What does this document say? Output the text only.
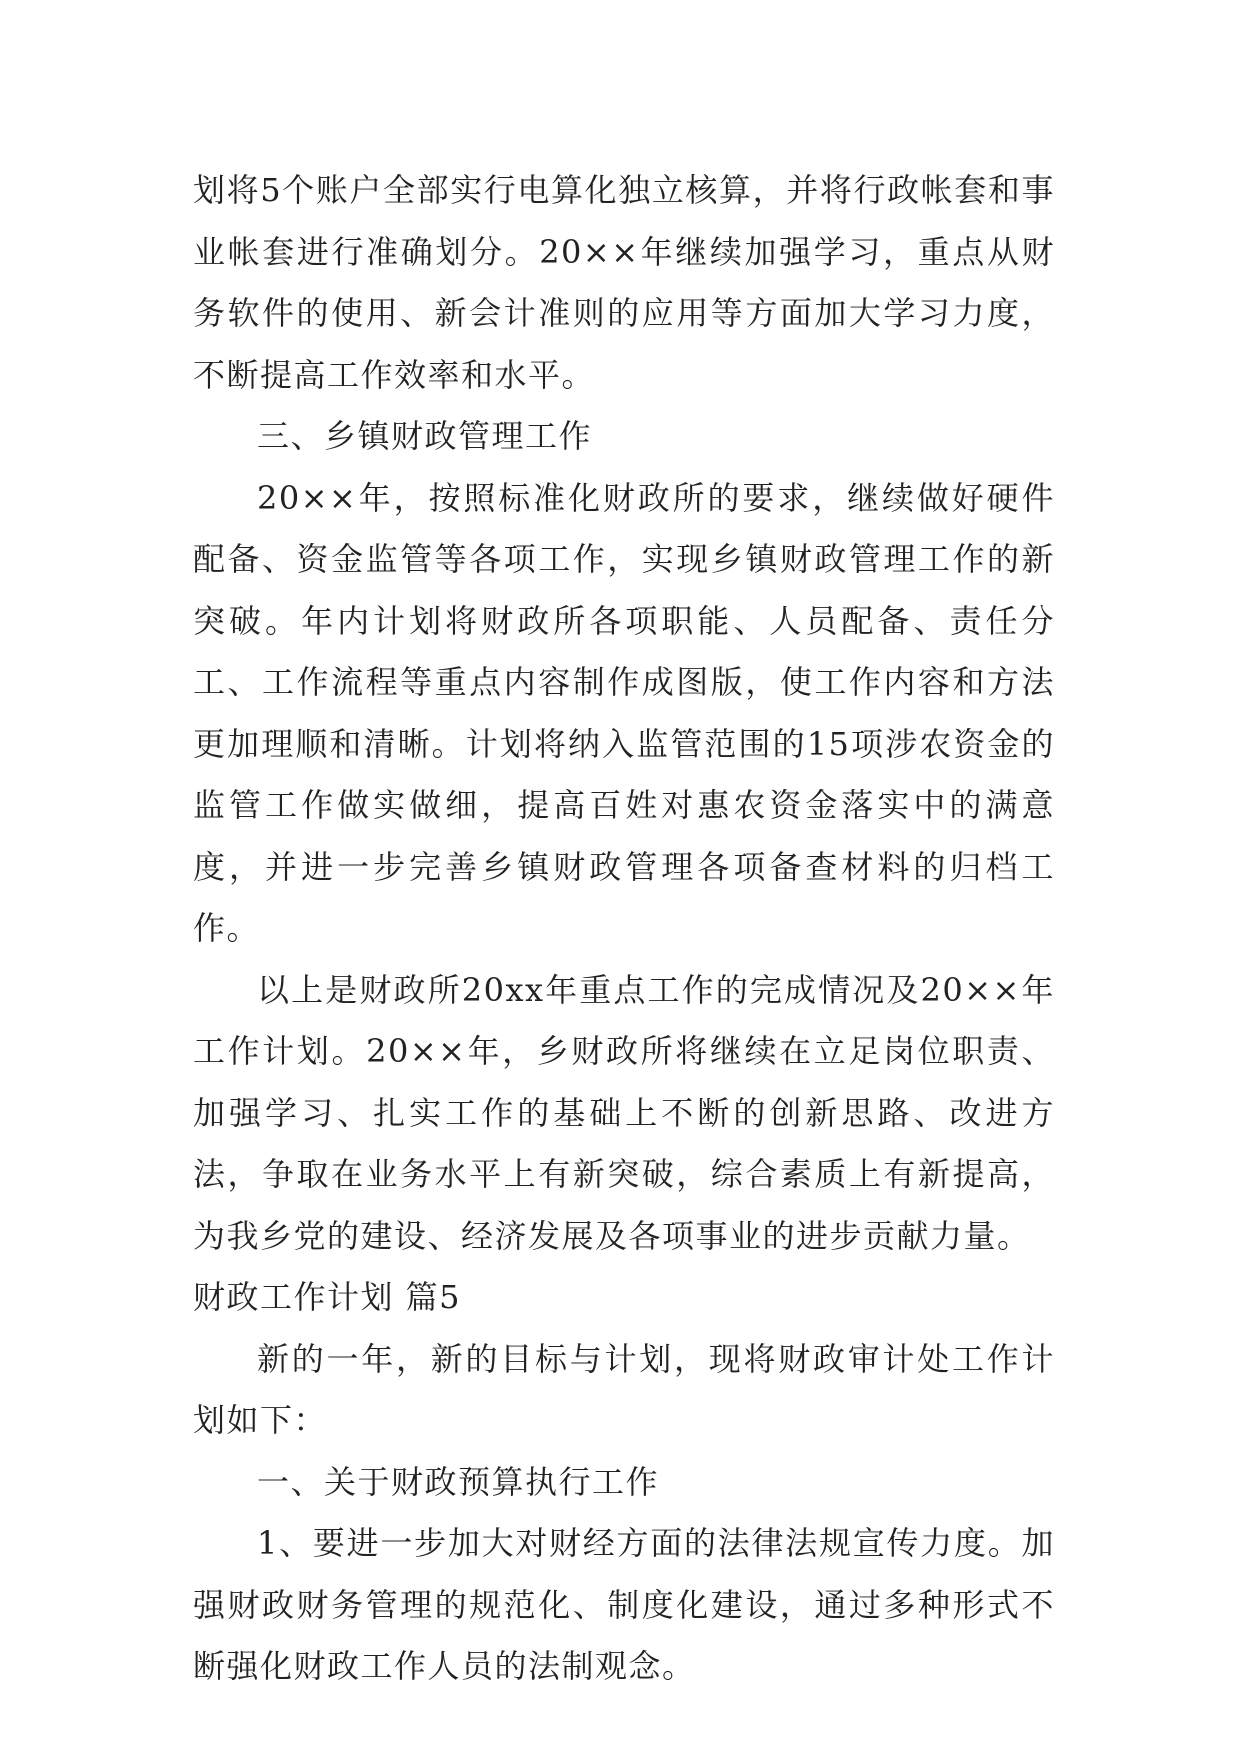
划将5个账户全部实行电算化独立核算，并将行政帐套和事业帐套进行准确划分。20××年继续加强学习，重点从财务软件的使用、新会计准则的应用等方面加大学习力度，不断提高工作效率和水平。

三、乡镇财政管理工作

20××年，按照标准化财政所的要求，继续做好硬件配备、资金监管等各项工作，实现乡镇财政管理工作的新突破。年内计划将财政所各项职能、人员配备、责任分工、工作流程等重点内容制作成图版，使工作内容和方法更加理顺和清晰。计划将纳入监管范围的15项涉农资金的监管工作做实做细，提高百姓对惠农资金落实中的满意度，并进一步完善乡镇财政管理各项备查材料的归档工作。

以上是财政所20xx年重点工作的完成情况及20××年工作计划。20××年，乡财政所将继续在立足岗位职责、加强学习、扎实工作的基础上不断的创新思路、改进方法，争取在业务水平上有新突破，综合素质上有新提高，为我乡党的建设、经济发展及各项事业的进步贡献力量。

财政工作计划 篇5

新的一年，新的目标与计划，现将财政审计处工作计划如下：

一、关于财政预算执行工作

1、要进一步加大对财经方面的法律法规宣传力度。加强财政财务管理的规范化、制度化建设，通过多种形式不断强化财政工作人员的法制观念。
